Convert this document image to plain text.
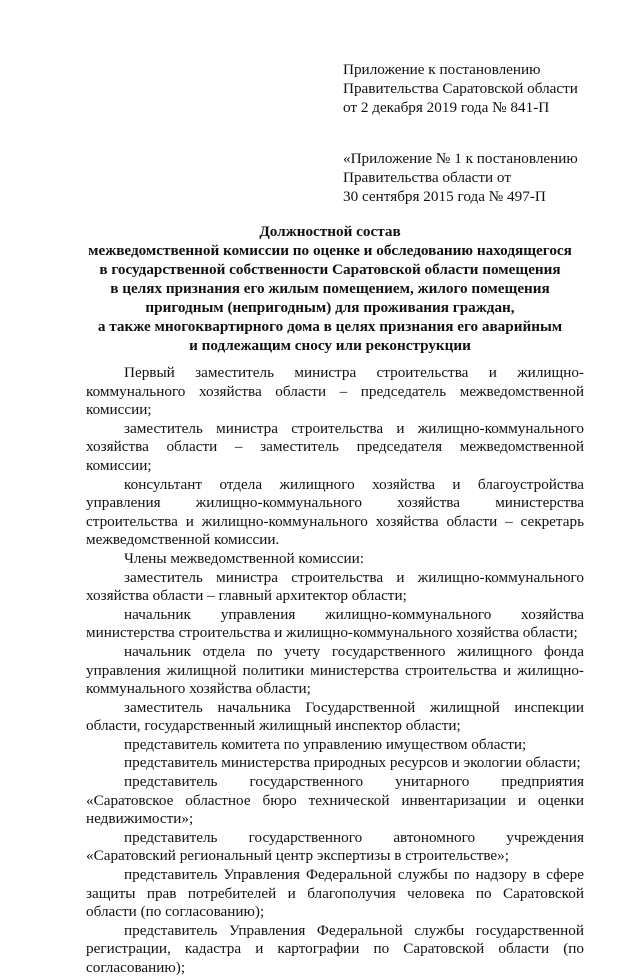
Приложение к постановлению
Правительства Саратовской области
от 2 декабря 2019 года № 841-П
«Приложение № 1 к постановлению
Правительства области от
30 сентября 2015 года № 497-П
Должностной состав
межведомственной комиссии по оценке и обследованию находящегося
в государственной собственности Саратовской области помещения
в целях признания его жилым помещением, жилого помещения
пригодным (непригодным) для проживания граждан,
а также многоквартирного дома в целях признания его аварийным
и подлежащим сносу или реконструкции

Первый заместитель министра строительства и жилищно-коммунального хозяйства области – председатель межведомственной комиссии;

заместитель министра строительства и жилищно-коммунального хозяйства области – заместитель председателя межведомственной комиссии;

консультант отдела жилищного хозяйства и благоустройства управления жилищно-коммунального хозяйства министерства строительства и жилищно-коммунального хозяйства области – секретарь межведомственной комиссии.

Члены межведомственной комиссии:

заместитель министра строительства и жилищно-коммунального хозяйства области – главный архитектор области;

начальник управления жилищно-коммунального хозяйства министерства строительства и жилищно-коммунального хозяйства области;

начальник отдела по учету государственного жилищного фонда управления жилищной политики министерства строительства и жилищно-коммунального хозяйства области;

заместитель начальника Государственной жилищной инспекции области, государственный жилищный инспектор области;

представитель комитета по управлению имуществом области;

представитель министерства природных ресурсов и экологии области;

представитель государственного унитарного предприятия «Саратовское областное бюро технической инвентаризации и оценки недвижимости»;

представитель государственного автономного учреждения «Саратовский региональный центр экспертизы в строительстве»;

представитель Управления Федеральной службы по надзору в сфере защиты прав потребителей и благополучия человека по Саратовской области (по согласованию);

представитель Управления Федеральной службы государственной регистрации, кадастра и картографии по Саратовской области (по согласованию);
